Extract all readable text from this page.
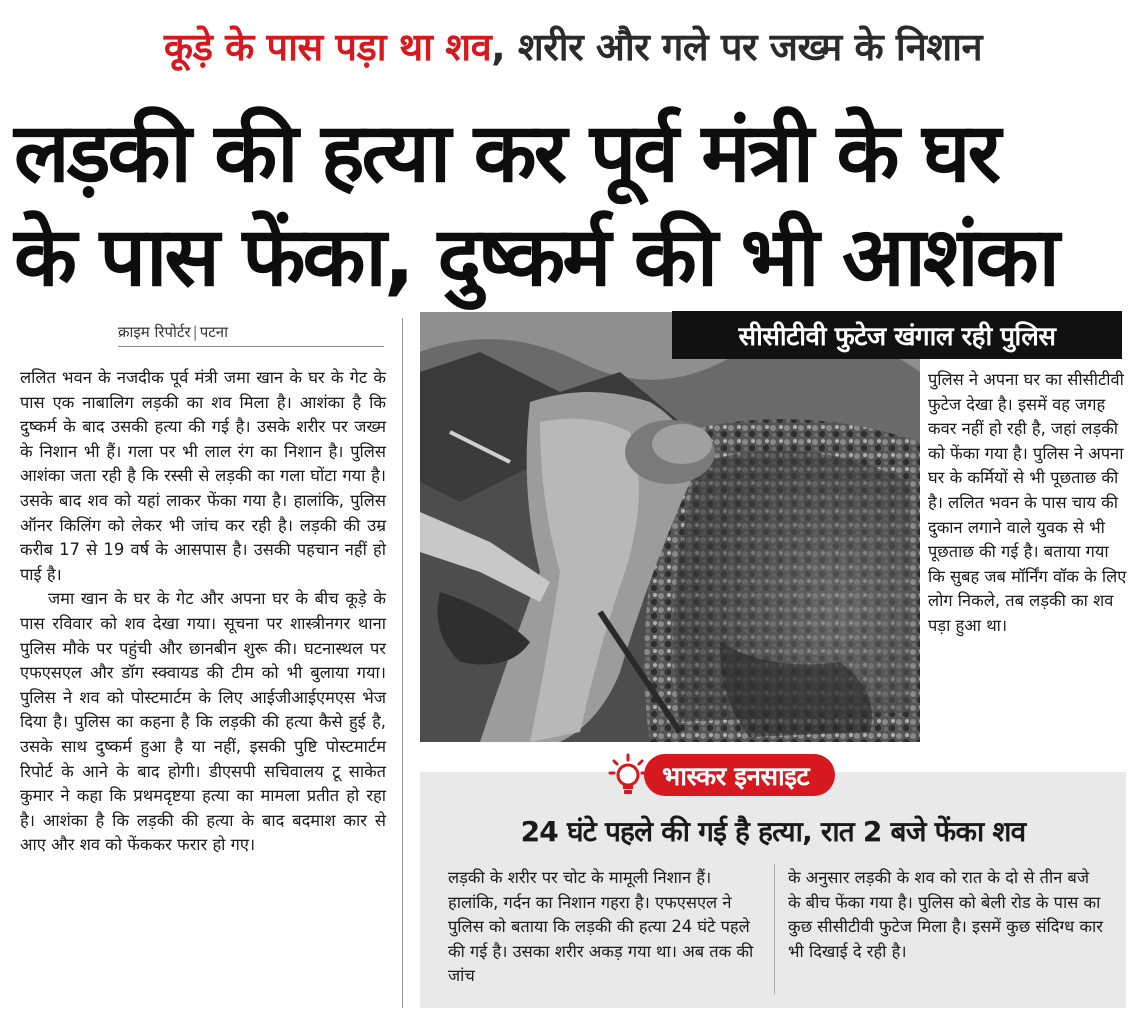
कूड़े के पास पड़ा था शव, शरीर और गले पर जख्म के निशान
लड़की की हत्या कर पूर्व मंत्री के घर
के पास फेंका, दुष्कर्म की भी आशंका
क्राइम रिपोर्टर | पटना

ललित भवन के नजदीक पूर्व मंत्री जमा खान के घर के गेट के पास एक नाबालिग लड़की का शव मिला है। आशंका है कि दुष्कर्म के बाद उसकी हत्या की गई है। उसके शरीर पर जख्म के निशान भी हैं। गला पर भी लाल रंग का निशान है। पुलिस आशंका जता रही है कि रस्सी से लड़की का गला घोंटा गया है। उसके बाद शव को यहां लाकर फेंका गया है। हालांकि, पुलिस ऑनर किलिंग को लेकर भी जांच कर रही है। लड़की की उम्र करीब 17 से 19 वर्ष के आसपास है। उसकी पहचान नहीं हो पाई है।

जमा खान के घर के गेट और अपना घर के बीच कूड़े के पास रविवार को शव देखा गया। सूचना पर शास्त्रीनगर थाना पुलिस मौके पर पहुंची और छानबीन शुरू की। घटनास्थल पर एफएसएल और डॉग स्क्वायड की टीम को भी बुलाया गया। पुलिस ने शव को पोस्टमार्टम के लिए आईजीआईएमएस भेज दिया है। पुलिस का कहना है कि लड़की की हत्या कैसे हुई है, उसके साथ दुष्कर्म हुआ है या नहीं, इसकी पुष्टि पोस्टमार्टम रिपोर्ट के आने के बाद होगी। डीएसपी सचिवालय टू साकेत कुमार ने कहा कि प्रथमदृष्टया हत्या का मामला प्रतीत हो रहा है। आशंका है कि लड़की की हत्या के बाद बदमाश कार से आए और शव को फेंककर फरार हो गए।

सीसीटीवी फुटेज खंगाल रही पुलिस

पुलिस ने अपना घर का सीसीटीवी फुटेज देखा है। इसमें वह जगह कवर नहीं हो रही है, जहां लड़की को फेंका गया है। पुलिस ने अपना घर के कर्मियों से भी पूछताछ की है। ललित भवन के पास चाय की दुकान लगाने वाले युवक से भी पूछताछ की गई है। बताया गया कि सुबह जब मॉर्निंग वॉक के लिए लोग निकले, तब लड़की का शव पड़ा हुआ था।

भास्कर इनसाइट
24 घंटे पहले की गई है हत्या, रात 2 बजे फेंका शव

लड़की के शरीर पर चोट के मामूली निशान हैं। हालांकि, गर्दन का निशान गहरा है। एफएसएल ने पुलिस को बताया कि लड़की की हत्या 24 घंटे पहले की गई है। उसका शरीर अकड़ गया था। अब तक की जांच

के अनुसार लड़की के शव को रात के दो से तीन बजे के बीच फेंका गया है। पुलिस को बेली रोड के पास का कुछ सीसीटीवी फुटेज मिला है। इसमें कुछ संदिग्ध कार भी दिखाई दे रही है।
